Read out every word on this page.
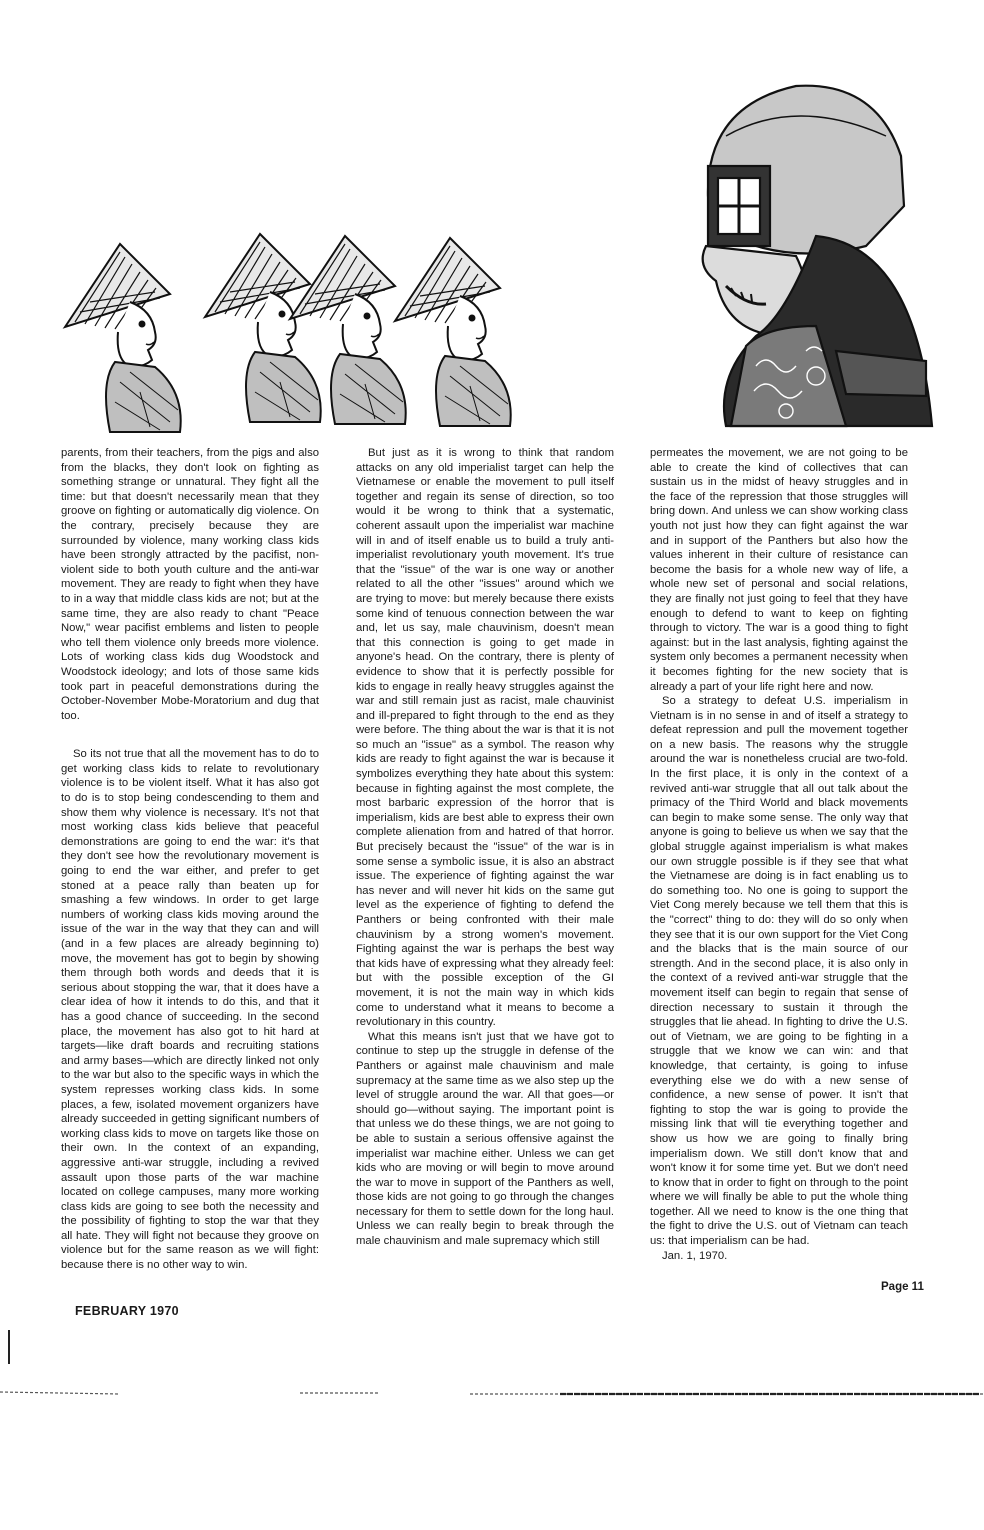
parents, from their teachers, from the pigs and also from the blacks, they don't look on fighting as something strange or unnatural. They fight all the time: but that doesn't necessarily mean that they groove on fighting or automatically dig violence. On the contrary, precisely because they are surrounded by violence, many working class kids have been strongly attracted by the pacifist, non-violent side to both youth culture and the anti-war movement. They are ready to fight when they have to in a way that middle class kids are not; but at the same time, they are also ready to chant "Peace Now," wear pacifist emblems and listen to people who tell them violence only breeds more violence. Lots of working class kids dug Woodstock and Woodstock ideology; and lots of those same kids took part in peaceful demonstrations during the October-November Mobe-Moratorium and dug that too.

So its not true that all the movement has to do to get working class kids to relate to revolutionary violence is to be violent itself. What it has also got to do is to stop being condescending to them and show them why violence is necessary. It's not that most working class kids believe that peaceful demonstrations are going to end the war: it's that they don't see how the revolutionary movement is going to end the war either, and prefer to get stoned at a peace rally than beaten up for smashing a few windows. In order to get large numbers of working class kids moving around the issue of the war in the way that they can and will (and in a few places are already beginning to) move, the movement has got to begin by showing them through both words and deeds that it is serious about stopping the war, that it does have a clear idea of how it intends to do this, and that it has a good chance of succeeding. In the second place, the movement has also got to hit hard at targets—like draft boards and recruiting stations and army bases—which are directly linked not only to the war but also to the specific ways in which the system represses working class kids. In some places, a few, isolated movement organizers have already succeeded in getting significant numbers of working class kids to move on targets like those on their own. In the context of an expanding, aggressive anti-war struggle, including a revived assault upon those parts of the war machine located on college campuses, many more working class kids are going to see both the necessity and the possibility of fighting to stop the war that they all hate. They will fight not because they groove on violence but for the same reason as we will fight: because there is no other way to win.

But just as it is wrong to think that random attacks on any old imperialist target can help the Vietnamese or enable the movement to pull itself together and regain its sense of direction, so too would it be wrong to think that a systematic, coherent assault upon the imperialist war machine will in and of itself enable us to build a truly anti-imperialist revolutionary youth movement. It's true that the "issue" of the war is one way or another related to all the other "issues" around which we are trying to move: but merely because there exists some kind of tenuous connection between the war and, let us say, male chauvinism, doesn't mean that this connection is going to get made in anyone's head. On the contrary, there is plenty of evidence to show that it is perfectly possible for kids to engage in really heavy struggles against the war and still remain just as racist, male chauvinist and ill-prepared to fight through to the end as they were before. The thing about the war is that it is not so much an "issue" as a symbol. The reason why kids are ready to fight against the war is because it symbolizes everything they hate about this system: because in fighting against the most complete, the most barbaric expression of the horror that is imperialism, kids are best able to express their own complete alienation from and hatred of that horror. But precisely becaust the "issue" of the war is in some sense a symbolic issue, it is also an abstract issue. The experience of fighting against the war has never and will never hit kids on the same gut level as the experience of fighting to defend the Panthers or being confronted with their male chauvinism by a strong women's movement. Fighting against the war is perhaps the best way that kids have of expressing what they already feel: but with the possible exception of the GI movement, it is not the main way in which kids come to understand what it means to become a revolutionary in this country.

What this means isn't just that we have got to continue to step up the struggle in defense of the Panthers or against male chauvinism and male supremacy at the same time as we also step up the level of struggle around the war. All that goes—or should go—without saying. The important point is that unless we do these things, we are not going to be able to sustain a serious offensive against the imperialist war machine either. Unless we can get kids who are moving or will begin to move around the war to move in support of the Panthers as well, those kids are not going to go through the changes necessary for them to settle down for the long haul. Unless we can really begin to break through the male chauvinism and male supremacy which still

permeates the movement, we are not going to be able to create the kind of collectives that can sustain us in the midst of heavy struggles and in the face of the repression that those struggles will bring down. And unless we can show working class youth not just how they can fight against the war and in support of the Panthers but also how the values inherent in their culture of resistance can become the basis for a whole new way of life, a whole new set of personal and social relations, they are finally not just going to feel that they have enough to defend to want to keep on fighting through to victory. The war is a good thing to fight against: but in the last analysis, fighting against the system only becomes a permanent necessity when it becomes fighting for the new society that is already a part of your life right here and now.

So a strategy to defeat U.S. imperialism in Vietnam is in no sense in and of itself a strategy to defeat repression and pull the movement together on a new basis. The reasons why the struggle around the war is nonetheless crucial are two-fold. In the first place, it is only in the context of a revived anti-war struggle that all out talk about the primacy of the Third World and black movements can begin to make some sense. The only way that anyone is going to believe us when we say that the global struggle against imperialism is what makes our own struggle possible is if they see that what the Vietnamese are doing is in fact enabling us to do something too. No one is going to support the Viet Cong merely because we tell them that this is the "correct" thing to do: they will do so only when they see that it is our own support for the Viet Cong and the blacks that is the main source of our strength. And in the second place, it is also only in the context of a revived anti-war struggle that the movement itself can begin to regain that sense of direction necessary to sustain it through the struggles that lie ahead. In fighting to drive the U.S. out of Vietnam, we are going to be fighting in a struggle that we know we can win: and that knowledge, that certainty, is going to infuse everything else we do with a new sense of confidence, a new sense of power. It isn't that fighting to stop the war is going to provide the missing link that will tie everything together and show us how we are going to finally bring imperialism down. We still don't know that and won't know it for some time yet. But we don't need to know that in order to fight on through to the point where we will finally be able to put the whole thing together. All we need to know is the one thing that the fight to drive the U.S. out of Vietnam can teach us: that imperialism can be had.

Jan. 1, 1970.

FEBRUARY 1970
Page 11
